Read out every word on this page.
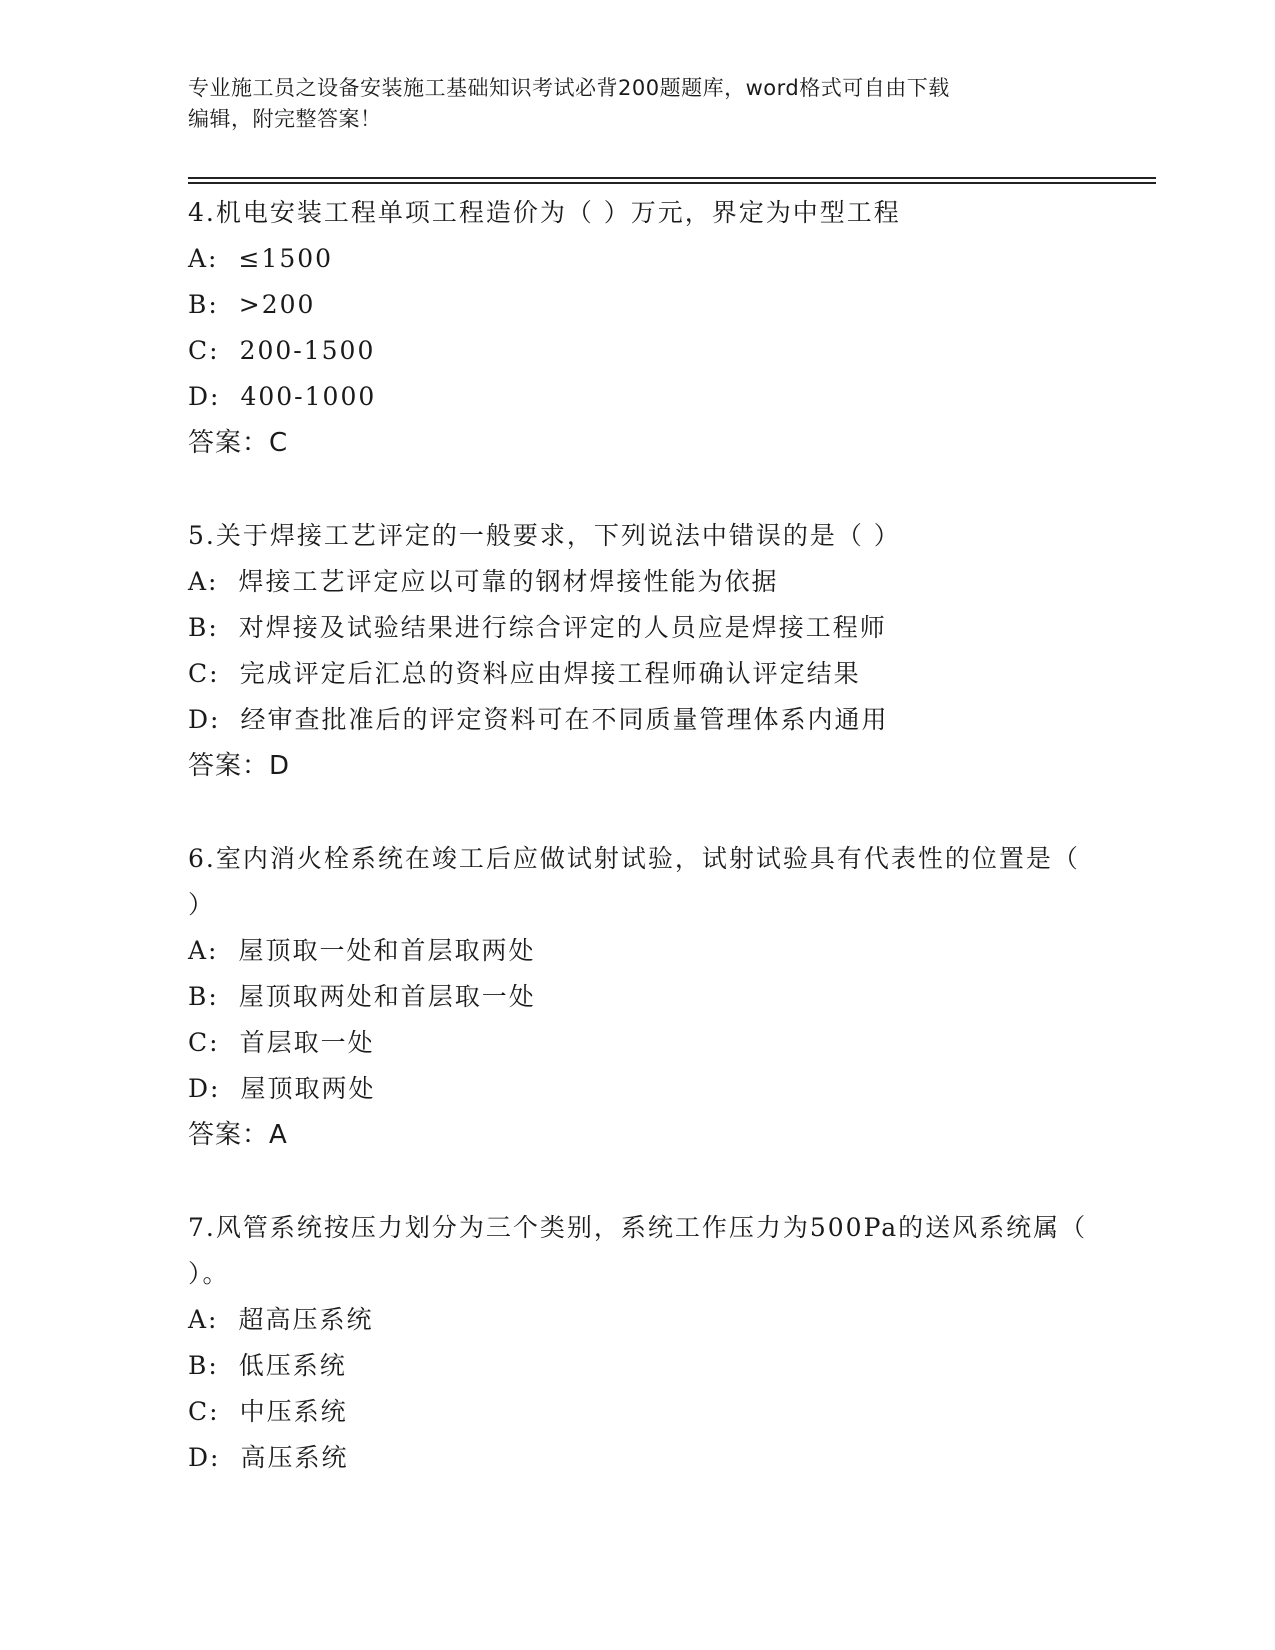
专业施工员之设备安装施工基础知识考试必背200题题库，word格式可自由下载
编辑，附完整答案！
4.机电安装工程单项工程造价为（ ）万元，界定为中型工程
A: ≤1500
B: >200
C: 200-1500
D: 400-1000
答案：C
5.关于焊接工艺评定的一般要求，下列说法中错误的是（ ）
A: 焊接工艺评定应以可靠的钢材焊接性能为依据
B: 对焊接及试验结果进行综合评定的人员应是焊接工程师
C: 完成评定后汇总的资料应由焊接工程师确认评定结果
D: 经审查批准后的评定资料可在不同质量管理体系内通用
答案：D
6.室内消火栓系统在竣工后应做试射试验，试射试验具有代表性的位置是（ ）
A: 屋顶取一处和首层取两处
B: 屋顶取两处和首层取一处
C: 首层取一处
D: 屋顶取两处
答案：A
7.风管系统按压力划分为三个类别，系统工作压力为500Pa的送风系统属（ ）。
A: 超高压系统
B: 低压系统
C: 中压系统
D: 高压系统
